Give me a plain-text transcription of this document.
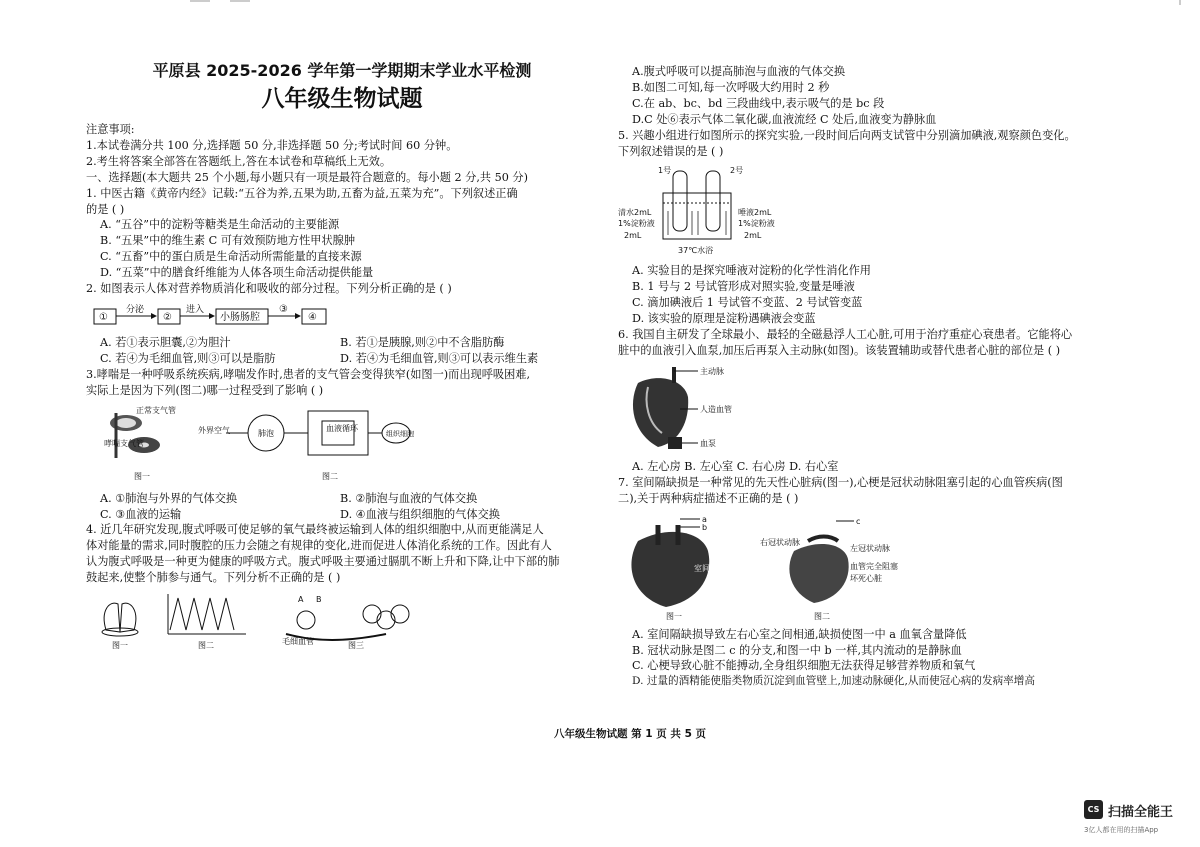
平原县 2025-2026 学年第一学期期末学业水平检测
八年级生物试题
注意事项:
1.本试卷满分共 100 分,选择题 50 分,非选择题 50 分;考试时间 60 分钟。
2.考生将答案全部答在答题纸上,答在本试卷和草稿纸上无效。
一、选择题(本大题共 25 个小题,每小题只有一项是最符合题意的。每小题 2 分,共 50 分)
1. 中医古籍《黄帝内经》记载:“五谷为养,五果为助,五畜为益,五菜为充”。下列叙述正确
的是 ( )
A. “五谷”中的淀粉等糖类是生命活动的主要能源
B. “五果”中的维生素 C 可有效预防地方性甲状腺肿
C. “五畜”中的蛋白质是生命活动所需能量的直接来源
D. “五菜”中的膳食纤维能为人体各项生命活动提供能量
2. 如图表示人体对营养物质消化和吸收的部分过程。下列分析正确的是 ( )
①
分泌
②
进入
小肠肠腔
③
④
A. 若①表示胆囊,②为胆汁	B. 若①是胰腺,则②中不含脂肪酶
C. 若④为毛细血管,则③可以是脂肪	D. 若④为毛细血管,则③可以表示维生素
3.哮喘是一种呼吸系统疾病,哮喘发作时,患者的支气管会变得狭窄(如图一)而出现呼吸困难,
实际上是因为下列(图二)哪一过程受到了影响 ( )
正常支气管
哮喘支气管
图一
外界空气	肺泡
血液循环
组织细胞
图二
A. ①肺泡与外界的气体交换	B. ②肺泡与血液的气体交换
C. ③血液的运输	D. ④血液与组织细胞的气体交换
4. 近几年研究发现,腹式呼吸可使足够的氧气最终被运输到人体的组织细胞中,从而更能满足人
体对能量的需求,同时腹腔的压力会随之有规律的变化,进而促进人体消化系统的工作。因此有人
认为腹式呼吸是一种更为健康的呼吸方式。腹式呼吸主要通过膈肌不断上升和下降,让中下部的肺
鼓起来,使整个肺参与通气。下列分析不正确的是 ( )
图一	图二
A B
毛细血管	图三
A.腹式呼吸可以提高肺泡与血液的气体交换
B.如图二可知,每一次呼吸大约用时 2 秒
C.在 ab、bc、bd 三段曲线中,表示吸气的是 bc 段
D.C 处⑥表示气体二氧化碳,血液流经 C 处后,血液变为静脉血
5. 兴趣小组进行如图所示的探究实验,一段时间后向两支试管中分别滴加碘液,观察颜色变化。
下列叙述错误的是 ( )
1号	2号
清水2mL
1%淀粉液
2mL
唾液2mL
1%淀粉液
2mL
37℃水浴
A. 实验目的是探究唾液对淀粉的化学性消化作用
B. 1 号与 2 号试管形成对照实验,变量是唾液
C. 滴加碘液后 1 号试管不变蓝、2 号试管变蓝
D. 该实验的原理是淀粉遇碘液会变蓝
6. 我国自主研发了全球最小、最轻的全磁悬浮人工心脏,可用于治疗重症心衰患者。它能将心
脏中的血液引入血泵,加压后再泵入主动脉(如图)。该装置辅助或替代患者心脏的部位是 ( )
主动脉
人造血管
血泵
A. 左心房 B. 左心室 C. 右心房 D. 右心室
7. 室间隔缺损是一种常见的先天性心脏病(图一),心梗是冠状动脉阻塞引起的心血管疾病(图
二),关于两种病症描述不正确的是 ( )
a
b
室间隔缺损
图一
c
右冠状动脉
左冠状动脉
血管完全阻塞
坏死心脏
图二
A. 室间隔缺损导致左右心室之间相通,缺损使图一中 a 血氧含量降低
B. 冠状动脉是图二 c 的分支,和图一中 b 一样,其内流动的是静脉血
C. 心梗导致心脏不能搏动,全身组织细胞无法获得足够营养物质和氧气
D. 过量的酒精能使脂类物质沉淀到血管壁上,加速动脉硬化,从而使冠心病的发病率增高
八年级生物试题 第 1 页 共 5 页
CS 扫描全能王
3亿人都在用的扫描App
